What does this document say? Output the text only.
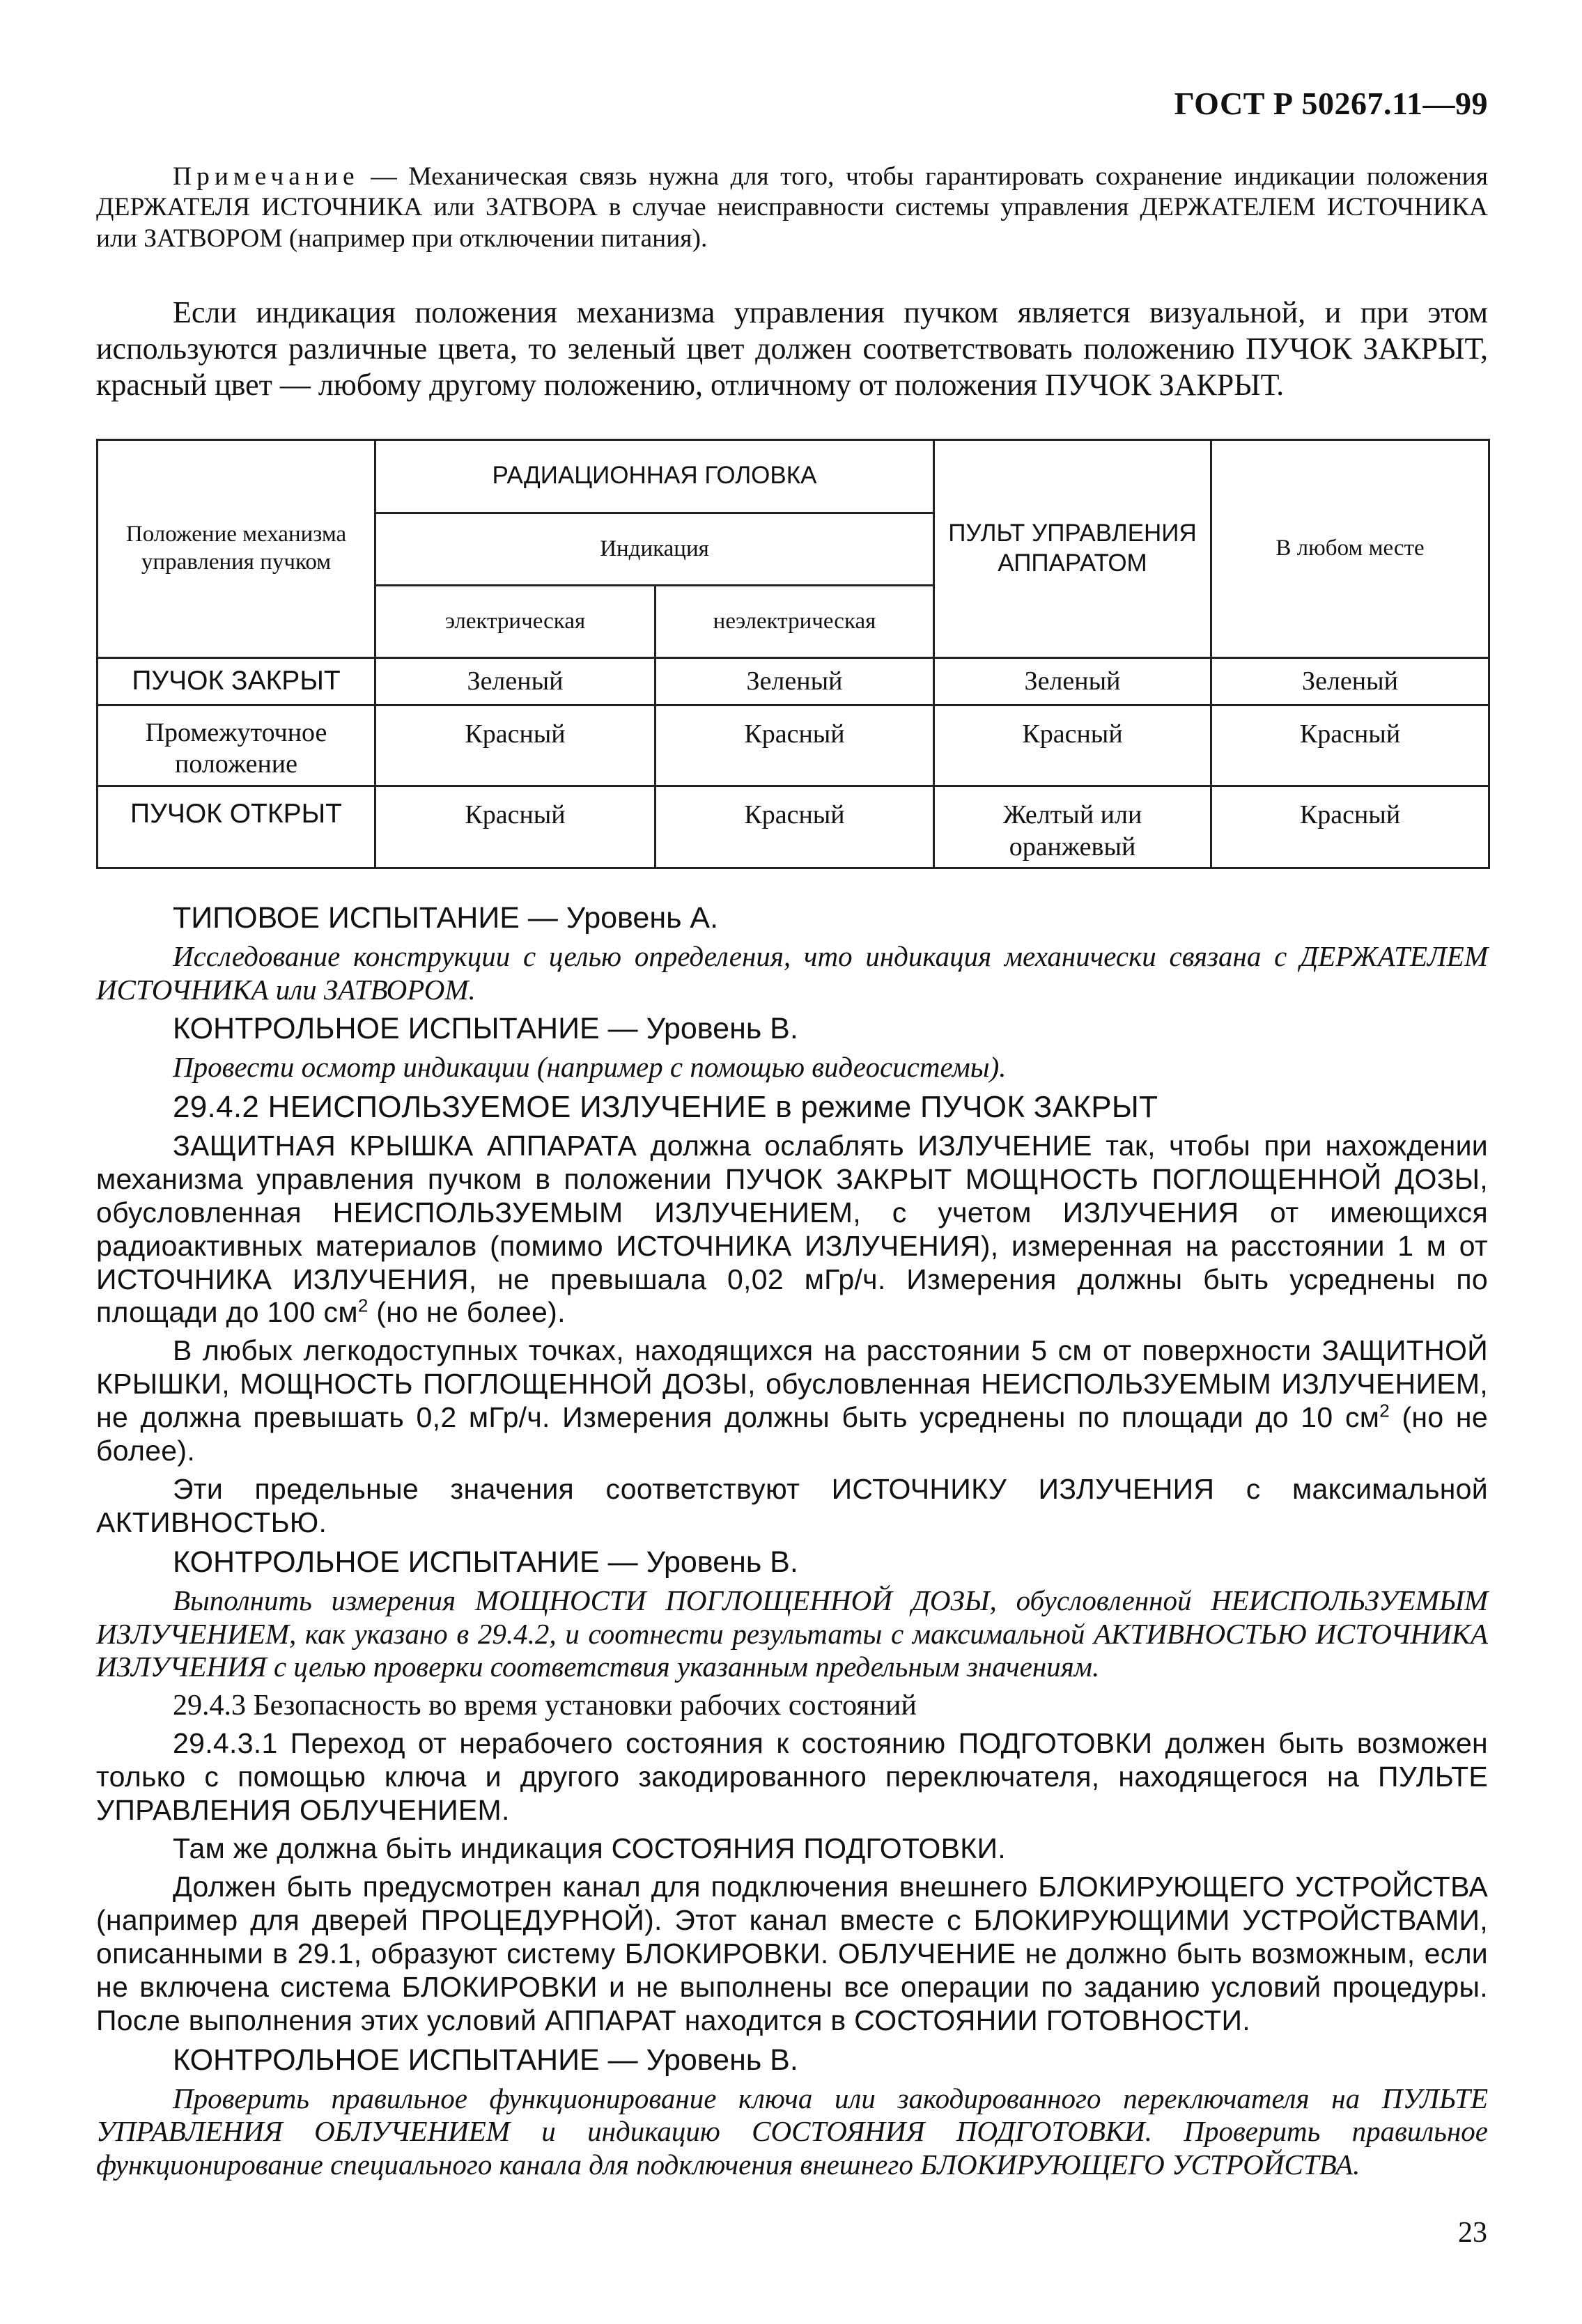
ГОСТ Р 50267.11—99

Примечание — Механическая связь нужна для того, чтобы гарантировать сохранение индикации положения ДЕРЖАТЕЛЯ ИСТОЧНИКА или ЗАТВОРА в случае неисправности системы управления ДЕРЖАТЕЛЕМ ИСТОЧНИКА или ЗАТВОРОМ (например при отключении питания).

Если индикация положения механизма управления пучком является визуальной, и при этом используются различные цвета, то зеленый цвет должен соответствовать положению ПУЧОК ЗАКРЫТ, красный цвет — любому другому положению, отличному от положения ПУЧОК ЗАКРЫТ.

Положение механизма управления пучком	РАДИАЦИОННАЯ ГОЛОВКА		ПУЛЬТ УПРАВЛЕНИЯ АППАРАТОМ	В любом месте
	Индикация			
	электрическая	неэлектрическая		
ПУЧОК ЗАКРЫТ	Зеленый	Зеленый	Зеленый	Зеленый
Промежуточное положение	Красный	Красный	Красный	Красный
ПУЧОК ОТКРЫТ	Красный	Красный	Желтый или оранжевый	Красный

ТИПОВОЕ ИСПЫТАНИЕ — Уровень А.

Исследование конструкции с целью определения, что индикация механически связана с ДЕРЖАТЕЛЕМ ИСТОЧНИКА или ЗАТВОРОМ.

КОНТРОЛЬНОЕ ИСПЫТАНИЕ — Уровень В.

Провести осмотр индикации (например с помощью видеосистемы).

29.4.2 НЕИСПОЛЬЗУЕМОЕ ИЗЛУЧЕНИЕ в режиме ПУЧОК ЗАКРЫТ

ЗАЩИТНАЯ КРЫШКА АППАРАТА должна ослаблять ИЗЛУЧЕНИЕ так, чтобы при нахождении механизма управления пучком в положении ПУЧОК ЗАКРЫТ МОЩНОСТЬ ПОГЛОЩЕННОЙ ДОЗЫ, обусловленная НЕИСПОЛЬЗУЕМЫМ ИЗЛУЧЕНИЕМ, с учетом ИЗЛУЧЕНИЯ от имеющихся радиоактивных материалов (помимо ИСТОЧНИКА ИЗЛУЧЕНИЯ), измеренная на расстоянии 1 м от ИСТОЧНИКА ИЗЛУЧЕНИЯ, не превышала 0,02 мГр/ч. Измерения должны быть усреднены по площади до 100 $см^2$ (но не более).

В любых легкодоступных точках, находящихся на расстоянии 5 см от поверхности ЗАЩИТНОЙ КРЫШКИ, МОЩНОСТЬ ПОГЛОЩЕННОЙ ДОЗЫ, обусловленная НЕИСПОЛЬЗУЕМЫМ ИЗЛУЧЕНИЕМ, не должна превышать 0,2 мГр/ч. Измерения должны быть усреднены по площади до 10 $см^2$ (но не более).

Эти предельные значения соответствуют ИСТОЧНИКУ ИЗЛУЧЕНИЯ с максимальной АКТИВНОСТЬЮ.

КОНТРОЛЬНОЕ ИСПЫТАНИЕ — Уровень В.

Выполнить измерения МОЩНОСТИ ПОГЛОЩЕННОЙ ДОЗЫ, обусловленной НЕИСПОЛЬЗУЕМЫМ ИЗЛУЧЕНИЕМ, как указано в 29.4.2, и соотнести результаты с максимальной АКТИВНОСТЬЮ ИСТОЧНИКА ИЗЛУЧЕНИЯ с целью проверки соответствия указанным предельным значениям.

29.4.3 Безопасность во время установки рабочих состояний

29.4.3.1 Переход от нерабочего состояния к состоянию ПОДГОТОВКИ должен быть возможен только с помощью ключа и другого закодированного переключателя, находящегося на ПУЛЬТЕ УПРАВЛЕНИЯ ОБЛУЧЕНИЕМ.

Там же должна бьіть индикация СОСТОЯНИЯ ПОДГОТОВКИ.

Должен быть предусмотрен канал для подключения внешнего БЛОКИРУЮЩЕГО УСТРОЙСТВА (например для дверей ПРОЦЕДУРНОЙ). Этот канал вместе с БЛОКИРУЮЩИМИ УСТРОЙСТВАМИ, описанными в 29.1, образуют систему БЛОКИРОВКИ. ОБЛУЧЕНИЕ не должно быть возможным, если не включена система БЛОКИРОВКИ и не выполнены все операции по заданию условий процедуры. После выполнения этих условий АППАРАТ находится в СОСТОЯНИИ ГОТОВНОСТИ.

КОНТРОЛЬНОЕ ИСПЫТАНИЕ — Уровень В.

Проверить правильное функционирование ключа или закодированного переключателя на ПУЛЬТЕ УПРАВЛЕНИЯ ОБЛУЧЕНИЕМ и индикацию СОСТОЯНИЯ ПОДГОТОВКИ. Проверить правильное функционирование специального канала для подключения внешнего БЛОКИРУЮЩЕГО УСТРОЙСТВА.

23
